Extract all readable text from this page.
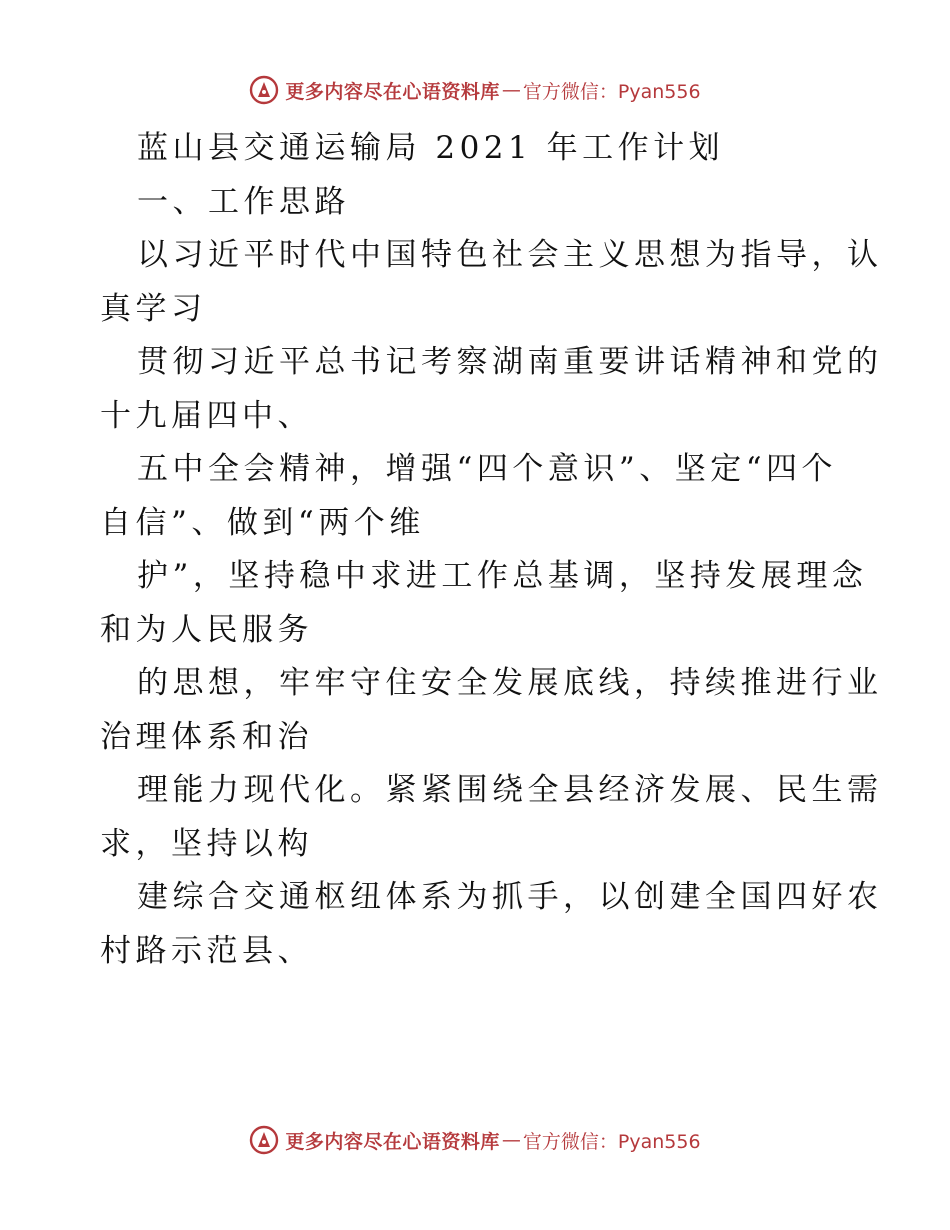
更多内容尽在心语资料库 — 官方微信：Pyan556
蓝山县交通运输局 2021 年工作计划
一、工作思路
以习近平时代中国特色社会主义思想为指导，认
真学习
贯彻习近平总书记考察湖南重要讲话精神和党的
十九届四中、
五中全会精神，增强“四个意识”、坚定“四个
自信”、做到“两个维
护”，坚持稳中求进工作总基调，坚持发展理念
和为人民服务
的思想，牢牢守住安全发展底线，持续推进行业
治理体系和治
理能力现代化。紧紧围绕全县经济发展、民生需
求，坚持以构
建综合交通枢纽体系为抓手，以创建全国四好农
村路示范县、
更多内容尽在心语资料库 — 官方微信：Pyan556
